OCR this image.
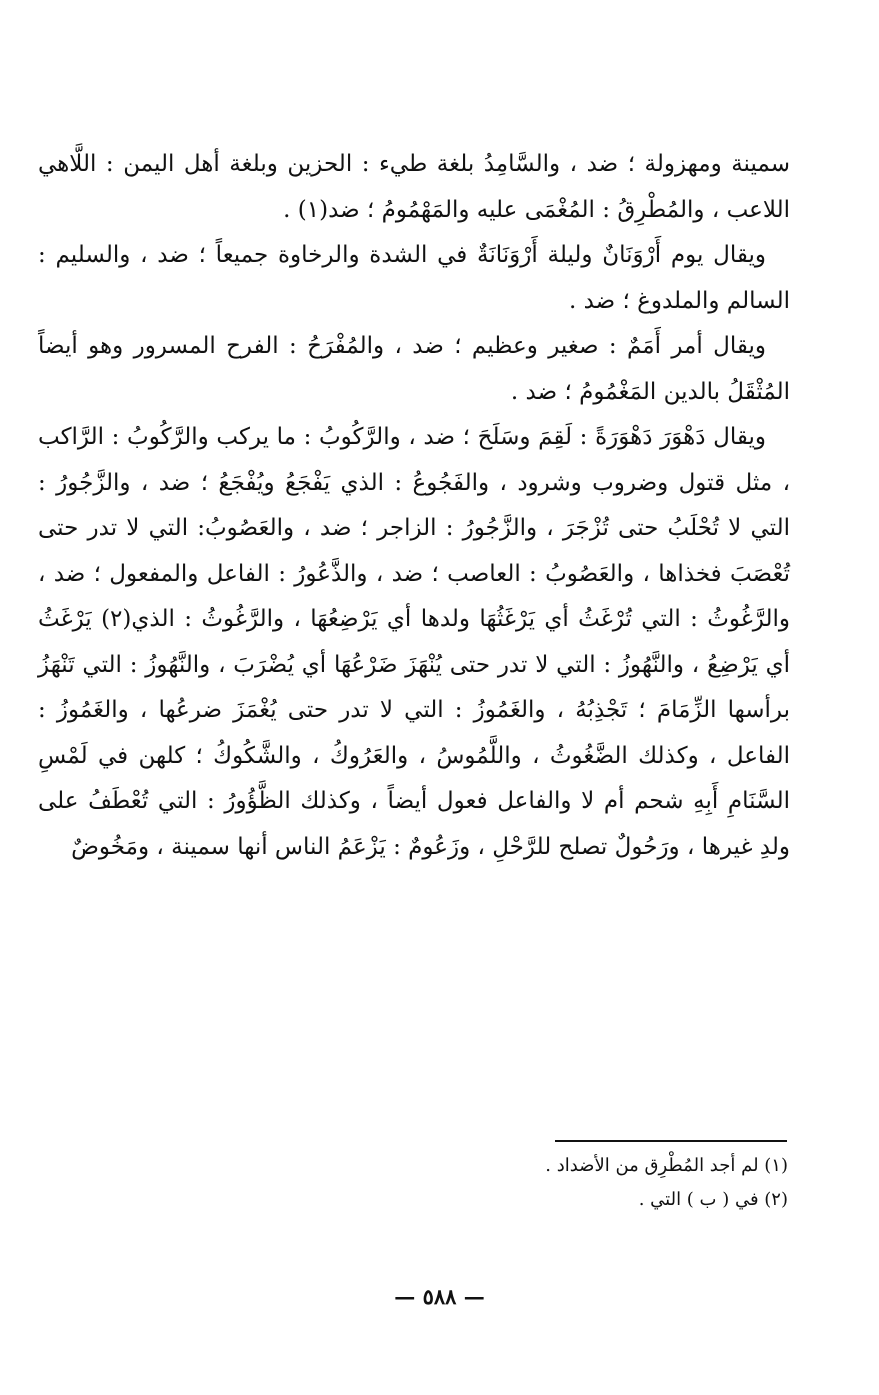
سمينة ومهزولة ؛ ضد ، والسَّامِدُ بلغة طيء : الحزين وبلغة أهل اليمن : اللَّاهي اللاعب ، والمُطْرِقُ : المُغْمَى عليه والمَهْمُومُ ؛ ضد(١) .

ويقال يوم أَرْوَنَانٌ وليلة أَرْوَنَانَةٌ في الشدة والرخاوة جميعاً ؛ ضد ، والسليم : السالم والملدوغ ؛ ضد .

ويقال أمر أَمَمٌ : صغير وعظيم ؛ ضد ، والمُفْرَحُ : الفرح المسرور وهو أيضاً المُثْقَلُ بالدين المَغْمُومُ ؛ ضد .

ويقال دَهْوَرَ دَهْوَرَةً : لَقِمَ وسَلَحَ ؛ ضد ، والرَّكُوبُ : ما يركب والرَّكُوبُ : الرَّاكب ، مثل قتول وضروب وشرود ، والفَجُوعُ : الذي يَفْجَعُ ويُفْجَعُ ؛ ضد ، والزَّجُورُ : التي لا تُحْلَبُ حتى تُزْجَرَ ، والزَّجُورُ : الزاجر ؛ ضد ، والعَصُوبُ: التي لا تدر حتى تُعْصَبَ فخذاها ، والعَصُوبُ : العاصب ؛ ضد ، والذَّعُورُ : الفاعل والمفعول ؛ ضد ، والرَّغُوثُ : التي تُرْغَثُ أي يَرْغَثُهَا ولدها أي يَرْضِعُهَا ، والرَّغُوثُ : الذي(٢) يَرْغَثُ أي يَرْضِعُ ، والنَّهُوزُ : التي لا تدر حتى يُنْهَزَ ضَرْعُهَا أي يُضْرَبَ ، والنَّهُوزُ : التي تَنْهَزُ برأسها الزِّمَامَ ؛ تَجْذِبُهُ ، والغَمُوزُ : التي لا تدر حتى يُغْمَزَ ضرعُها ، والغَمُوزُ : الفاعل ، وكذلك الضَّغُوثُ ، واللَّمُوسُ ، والعَرُوكُ ، والشَّكُوكُ ؛ كلهن في لَمْسِ السَّنَامِ أَبِهِ شحم أم لا والفاعل فعول أيضاً ، وكذلك الظَّؤُورُ : التي تُعْطَفُ على ولدِ غيرها ، ورَحُولٌ تصلح للرَّحْلِ ، وزَعُومٌ : يَزْعَمُ الناس أنها سمينة ، ومَخُوضٌ

(١) لم أجد المُطْرِق من الأضداد .

(٢) في ( ب ) التي .

— ٥٨٨ —
